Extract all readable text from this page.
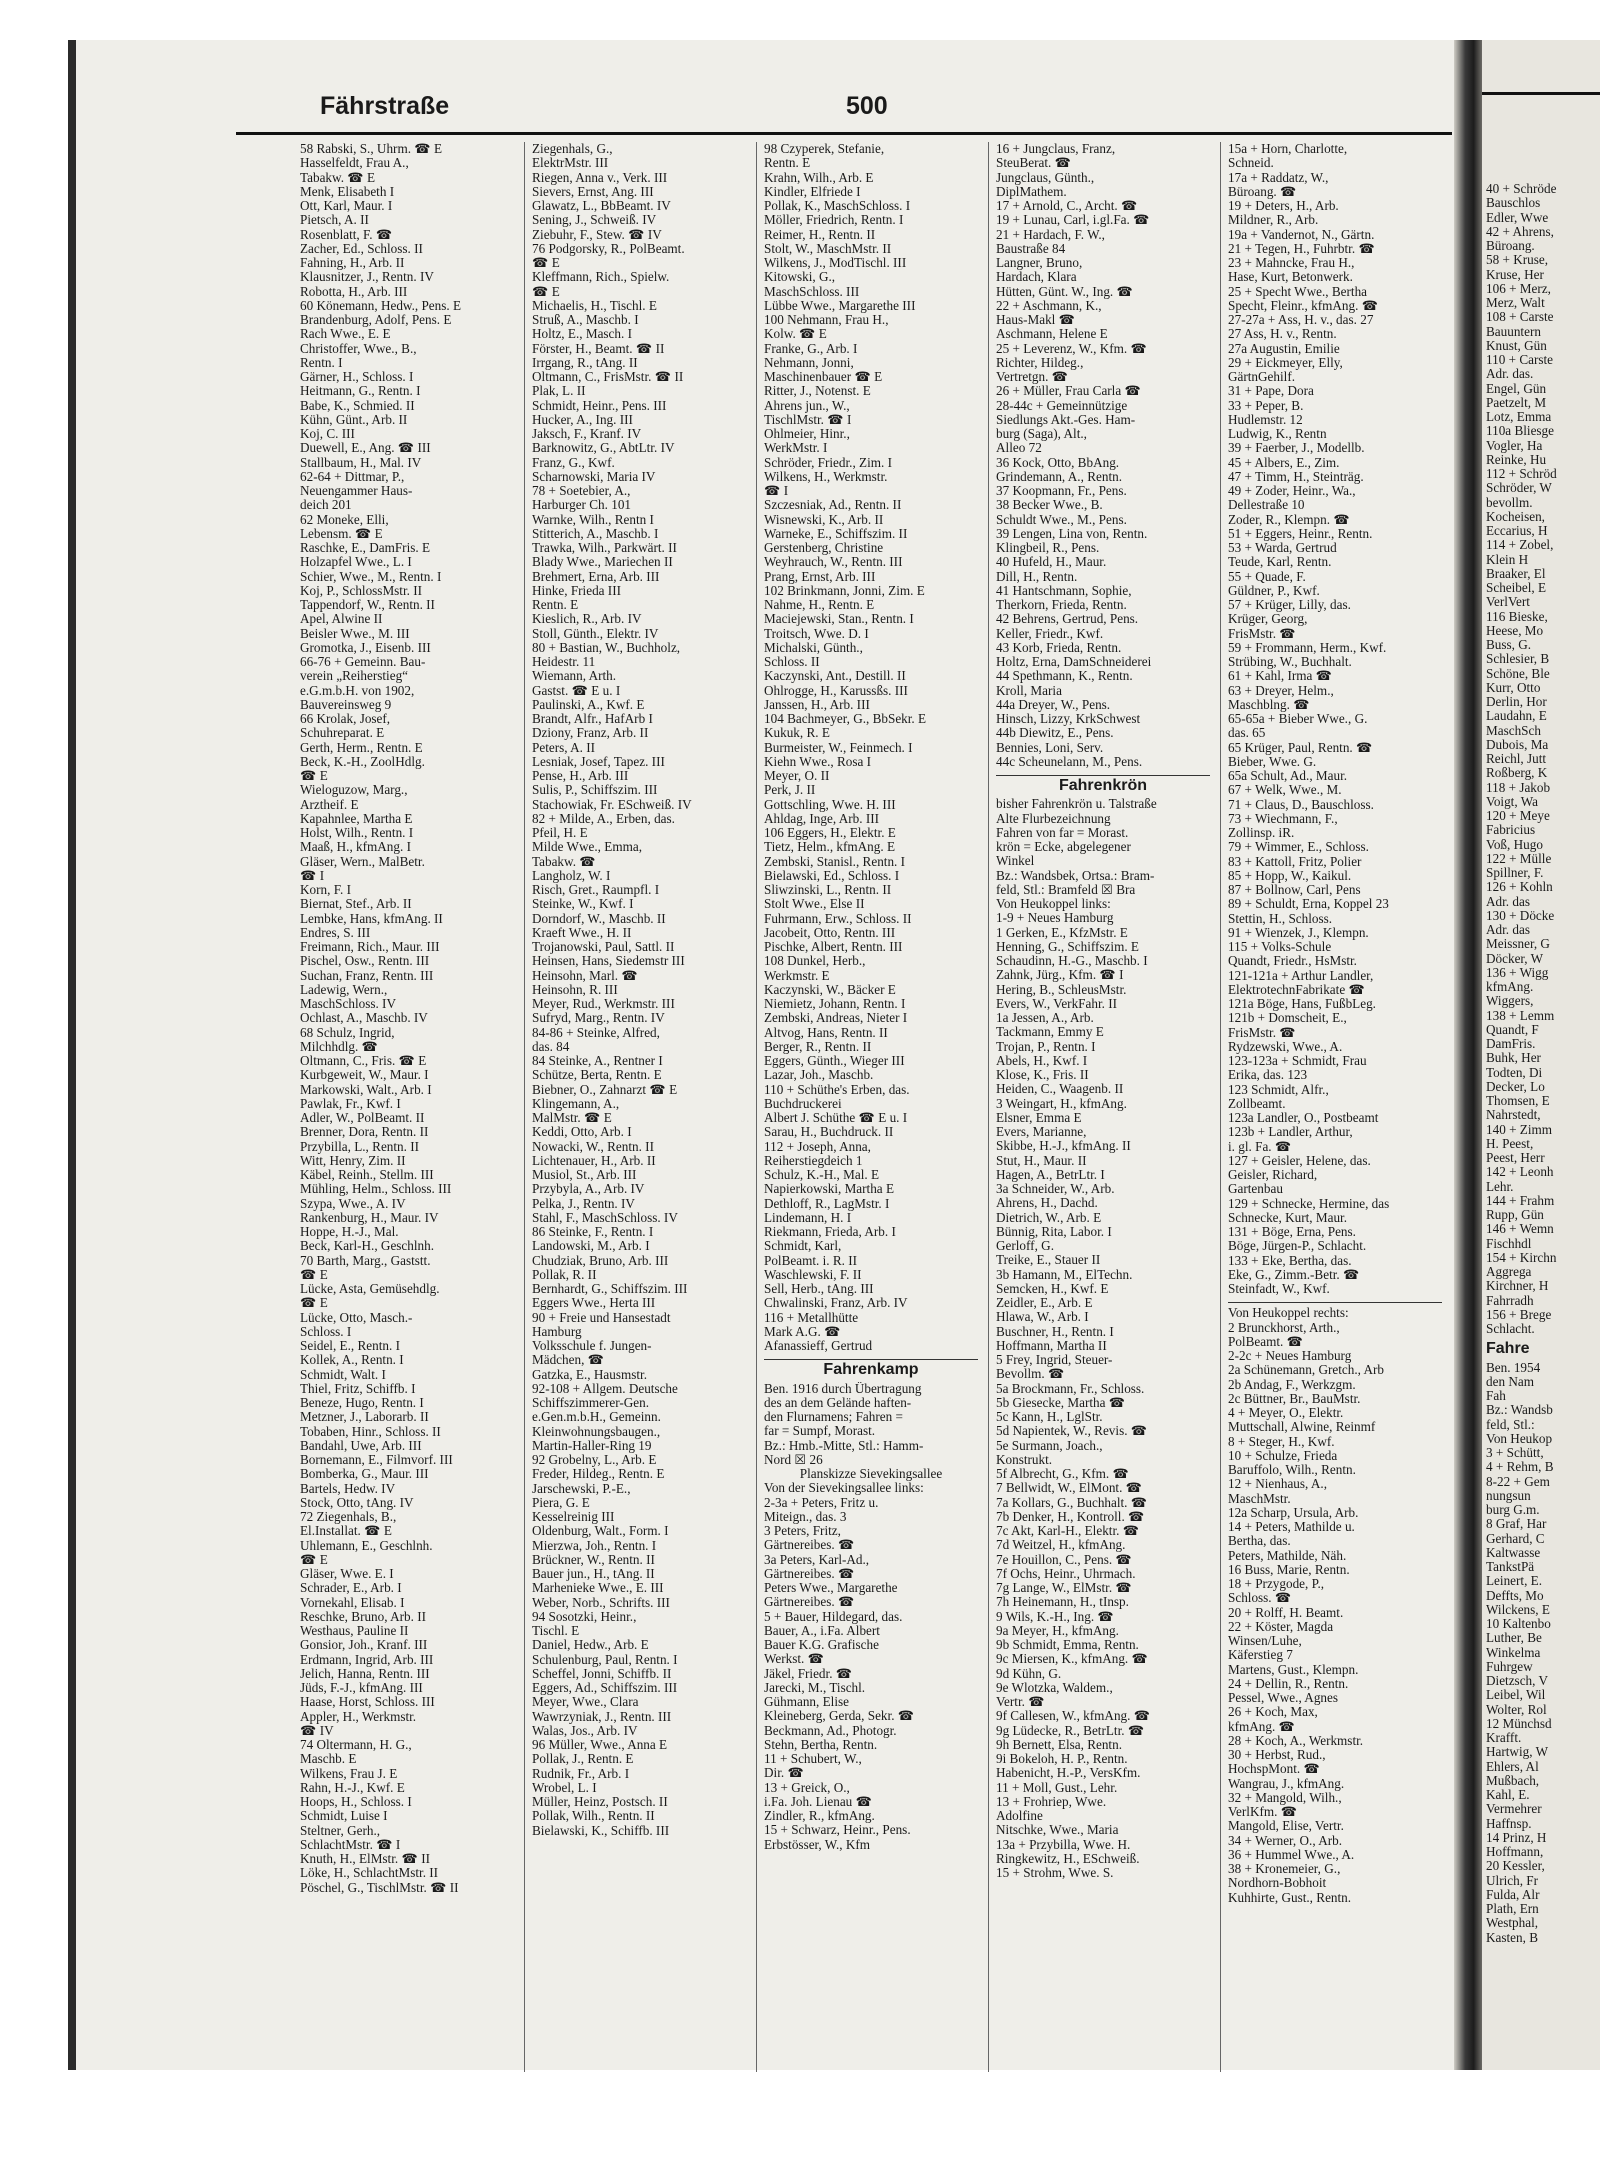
Fährstraße	500
58 Rabski, S., Uhrm. ☎ E
Hasselfeldt, Frau A.,
Tabakw. ☎ E
Menk, Elisabeth I
Ott, Karl, Maur. I
Pietsch, A. II
Rosenblatt, F. ☎
Zacher, Ed., Schloss. II
Fahning, H., Arb. II
Klausnitzer, J., Rentn. IV
Robotta, H., Arb. III
60 Könemann, Hedw., Pens. E
Brandenburg, Adolf, Pens. E
Rach Wwe., E. E
Christoffer, Wwe., B.,
Rentn. I
Gärner, H., Schloss. I
Heitmann, G., Rentn. I
Babe, K., Schmied. II
Kühn, Günt., Arb. II
Koj, C. III
Duewell, E., Ang. ☎ III
Stallbaum, H., Mal. IV
62-64 + Dittmar, P.,
Neuengammer Haus-
deich 201
62 Moneke, Elli,
Lebensm. ☎ E
Raschke, E., DamFris. E
Holzapfel Wwe., L. I
Schier, Wwe., M., Rentn. I
Koj, P., SchlossMstr. II
Tappendorf, W., Rentn. II
Apel, Alwine II
Beisler Wwe., M. III
Gromotka, J., Eisenb. III
66-76 + Gemeinn. Bau-
verein „Reiherstieg“
e.G.m.b.H. von 1902,
Bauvereinsweg 9
66 Krolak, Josef,
Schuhreparat. E
Gerth, Herm., Rentn. E
Beck, K.-H., ZoolHdlg.
☎ E
Wieloguzow, Marg.,
Arztheif. E
Kapahnlee, Martha E
Holst, Wilh., Rentn. I
Maaß, H., kfmAng. I
Gläser, Wern., MalBetr.
☎ I
Korn, F. I
Biernat, Stef., Arb. II
Lembke, Hans, kfmAng. II
Endres, S. III
Freimann, Rich., Maur. III
Pischel, Osw., Rentn. III
Suchan, Franz, Rentn. III
Ladewig, Wern.,
MaschSchloss. IV
Ochlast, A., Maschb. IV
68 Schulz, Ingrid,
Milchhdlg. ☎
Oltmann, C., Fris. ☎ E
Kurbgeweit, W., Maur. I
Markowski, Walt., Arb. I
Pawlak, Fr., Kwf. I
Adler, W., PolBeamt. II
Brenner, Dora, Rentn. II
Przybilla, L., Rentn. II
Witt, Henry, Zim. II
Käbel, Reinh., Stellm. III
Mühling, Helm., Schloss. III
Szypa, Wwe., A. IV
Rankenburg, H., Maur. IV
Hoppe, H.-J., Mal.
Beck, Karl-H., Geschlnh.
70 Barth, Marg., Gaststt.
☎ E
Lücke, Asta, Gemüsehdlg.
☎ E
Lücke, Otto, Masch.-
Schloss. I
Seidel, E., Rentn. I
Kollek, A., Rentn. I
Schmidt, Walt. I
Thiel, Fritz, Schiffb. I
Beneze, Hugo, Rentn. I
Metzner, J., Laborarb. II
Tobaben, Hinr., Schloss. II
Bandahl, Uwe, Arb. III
Bornemann, E., Filmvorf. III
Bomberka, G., Maur. III
Bartels, Hedw. IV
Stock, Otto, tAng. IV
72 Ziegenhals, B.,
El.Installat. ☎ E
Uhlemann, E., Geschlnh.
☎ E
Gläser, Wwe. E. I
Schrader, E., Arb. I
Vornekahl, Elisab. I
Reschke, Bruno, Arb. II
Westhaus, Pauline II
Gonsior, Joh., Kranf. III
Erdmann, Ingrid, Arb. III
Jelich, Hanna, Rentn. III
Jüds, F.-J., kfmAng. III
Haase, Horst, Schloss. III
Appler, H., Werkmstr.
☎ IV
74 Oltermann, H. G.,
Maschb. E
Wilkens, Frau J. E
Rahn, H.-J., Kwf. E
Hoops, H., Schloss. I
Schmidt, Luise I
Steltner, Gerh.,
SchlachtMstr. ☎ I
Knuth, H., ElMstr. ☎ II
Löke, H., SchlachtMstr. II
Pöschel, G., TischlMstr. ☎ II
Ziegenhals, G.,
ElektrMstr. III
Riegen, Anna v., Verk. III
Sievers, Ernst, Ang. III
Glawatz, L., BbBeamt. IV
Sening, J., Schweiß. IV
Ziebuhr, F., Stew. ☎ IV
76 Podgorsky, R., PolBeamt.
☎ E
Kleffmann, Rich., Spielw.
☎ E
Michaelis, H., Tischl. E
Struß, A., Maschb. I
Holtz, E., Masch. I
Förster, H., Beamt. ☎ II
Irrgang, R., tAng. II
Oltmann, C., FrisMstr. ☎ II
Plak, L. II
Schmidt, Heinr., Pens. III
Hucker, A., Ing. III
Jaksch, F., Kranf. IV
Barknowitz, G., AbtLtr. IV
Franz, G., Kwf.
Scharnowski, Maria IV
78 + Soetebier, A.,
Harburger Ch. 101
Warnke, Wilh., Rentn I
Stitterich, A., Maschb. I
Trawka, Wilh., Parkwärt. II
Blady Wwe., Mariechen II
Brehmert, Erna, Arb. III
Hinke, Frieda III
Rentn. E
Kieslich, R., Arb. IV
Stoll, Günth., Elektr. IV
80 + Bastian, W., Buchholz,
Heidestr. 11
Wiemann, Arth.
Gastst. ☎ E u. I
Paulinski, A., Kwf. E
Brandt, Alfr., HafArb I
Dziony, Franz, Arb. II
Peters, A. II
Lesniak, Josef, Tapez. III
Pense, H., Arb. III
Sulis, P., Schiffszim. III
Stachowiak, Fr. ESchweiß. IV
82 + Milde, A., Erben, das.
Pfeil, H. E
Milde Wwe., Emma,
Tabakw. ☎
Langholz, W. I
Risch, Gret., Raumpfl. I
Steinke, W., Kwf. I
Dorndorf, W., Maschb. II
Kraeft Wwe., H. II
Trojanowski, Paul, Sattl. II
Heinsen, Hans, Siedemstr III
Heinsohn, Marl. ☎
Heinsohn, R. III
Meyer, Rud., Werkmstr. III
Sufryd, Marg., Rentn. IV
84-86 + Steinke, Alfred,
das. 84
84 Steinke, A., Rentner I
Schütze, Berta, Rentn. E
Biebner, O., Zahnarzt ☎ E
Klingemann, A.,
MalMstr. ☎ E
Keddi, Otto, Arb. I
Nowacki, W., Rentn. II
Lichtenauer, H., Arb. II
Musiol, St., Arb. III
Przybyla, A., Arb. IV
Pelka, J., Rentn. IV
Stahl, F., MaschSchloss. IV
86 Steinke, F., Rentn. I
Landowski, M., Arb. I
Chudziak, Bruno, Arb. III
Pollak, R. II
Bernhardt, G., Schiffszim. III
Eggers Wwe., Herta III
90 + Freie und Hansestadt
Hamburg
Volksschule f. Jungen-
Mädchen, ☎
Gatzka, E., Hausmstr.
92-108 + Allgem. Deutsche
Schiffszimmerer-Gen.
e.Gen.m.b.H., Gemeinn.
Kleinwohnungsbaugen.,
Martin-Haller-Ring 19
92 Grobelny, L., Arb. E
Freder, Hildeg., Rentn. E
Jarschewski, P.-E.,
Piera, G. E
Kesselreinig III
Oldenburg, Walt., Form. I
Mierzwa, Joh., Rentn. I
Brückner, W., Rentn. II
Bauer jun., H., tAng. II
Marhenieke Wwe., E. III
Weber, Norb., Schrifts. III
94 Sosotzki, Heinr.,
Tischl. E
Daniel, Hedw., Arb. E
Schulenburg, Paul, Rentn. I
Scheffel, Jonni, Schiffb. II
Eggers, Ad., Schiffszim. III
Meyer, Wwe., Clara
Wawrzyniak, J., Rentn. III
Walas, Jos., Arb. IV
96 Müller, Wwe., Anna E
Pollak, J., Rentn. E
Rudnik, Fr., Arb. I
Wrobel, L. I
Müller, Heinz, Postsch. II
Pollak, Wilh., Rentn. II
Bielawski, K., Schiffb. III
98 Czyperek, Stefanie,
Rentn. E
Krahn, Wilh., Arb. E
Kindler, Elfriede I
Pollak, K., MaschSchloss. I
Möller, Friedrich, Rentn. I
Reimer, H., Rentn. II
Stolt, W., MaschMstr. II
Wilkens, J., ModTischl. III
Kitowski, G.,
MaschSchloss. III
Lübbe Wwe., Margarethe III
100 Nehmann, Frau H.,
Kolw. ☎ E
Franke, G., Arb. I
Nehmann, Jonni,
Maschinenbauer ☎ E
Ritter, J., Notenst. E
Ahrens jun., W.,
TischlMstr. ☎ I
Ohlmeier, Hinr.,
WerkMstr. I
Schröder, Friedr., Zim. I
Wilkens, H., Werkmstr.
☎ I
Szczesniak, Ad., Rentn. II
Wisnewski, K., Arb. II
Warneke, E., Schiffszim. II
Gerstenberg, Christine
Weyhrauch, W., Rentn. III
Prang, Ernst, Arb. III
102 Brinkmann, Jonni, Zim. E
Nahme, H., Rentn. E
Maciejewski, Stan., Rentn. I
Troitsch, Wwe. D. I
Michalski, Günth.,
Schloss. II
Kaczynski, Ant., Destill. II
Ohlrogge, H., Karussßs. III
Janssen, H., Arb. III
104 Bachmeyer, G., BbSekr. E
Kukuk, R. E
Burmeister, W., Feinmech. I
Kiehn Wwe., Rosa I
Meyer, O. II
Perk, J. II
Gottschling, Wwe. H. III
Ahldag, Inge, Arb. III
106 Eggers, H., Elektr. E
Tietz, Helm., kfmAng. E
Zembski, Stanisl., Rentn. I
Bielawski, Ed., Schloss. I
Sliwzinski, L., Rentn. II
Stolt Wwe., Else II
Fuhrmann, Erw., Schloss. II
Jacobeit, Otto, Rentn. III
Pischke, Albert, Rentn. III
108 Dunkel, Herb.,
Werkmstr. E
Kaczynski, W., Bäcker E
Niemietz, Johann, Rentn. I
Zembski, Andreas, Nieter I
Altvog, Hans, Rentn. II
Berger, R., Rentn. II
Eggers, Günth., Wieger III
Lazar, Joh., Maschb.
110 + Schüthe's Erben, das.
Buchdruckerei
Albert J. Schüthe ☎ E u. I
Sarau, H., Buchdruck. II
112 + Joseph, Anna,
Reiherstiegdeich 1
Schulz, K.-H., Mal. E
Napierkowski, Martha E
Dethloff, R., LagMstr. I
Lindemann, H. I
Riekmann, Frieda, Arb. I
Schmidt, Karl,
PolBeamt. i. R. II
Waschlewski, F. II
Sell, Herb., tAng. III
Chwalinski, Franz, Arb. IV
116 + Metallhütte
Mark A.G. ☎
Afanassieff, Gertrud
Fahrenkamp
Ben. 1916 durch Übertragung
des an dem Gelände haften-
den Flurnamens; Fahren =
far = Sumpf, Morast.
Bz.: Hmb.-Mitte, Stl.: Hamm-
Nord ☒ 26
Planskizze Sievekingsallee
Von der Sievekingsallee links:
2-3a + Peters, Fritz u.
Miteign., das. 3
3 Peters, Fritz,
Gärtnereibes. ☎
3a Peters, Karl-Ad.,
Gärtnereibes. ☎
Peters Wwe., Margarethe
Gärtnereibes. ☎
5 + Bauer, Hildegard, das.
Bauer, A., i.Fa. Albert
Bauer K.G. Grafische
Werkst. ☎
Jäkel, Friedr. ☎
Jarecki, M., Tischl.
Gühmann, Elise
Kleineberg, Gerda, Sekr. ☎
Beckmann, Ad., Photogr.
Stehn, Bertha, Rentn.
11 + Schubert, W.,
Dir. ☎
13 + Greick, O.,
i.Fa. Joh. Lienau ☎
Zindler, R., kfmAng.
15 + Schwarz, Heinr., Pens.
Erbstösser, W., Kfm
16 + Jungclaus, Franz,
SteuBerat. ☎
Jungclaus, Günth.,
DiplMathem.
17 + Arnold, C., Archt. ☎
19 + Lunau, Carl, i.gl.Fa. ☎
21 + Hardach, F. W.,
Baustraße 84
Langner, Bruno,
Hardach, Klara
Hütten, Günt. W., Ing. ☎
22 + Aschmann, K.,
Haus-Makl ☎
Aschmann, Helene E
25 + Leverenz, W., Kfm. ☎
Richter, Hildeg.,
Vertretgn. ☎
26 + Müller, Frau Carla ☎
28-44c + Gemeinnützige
Siedlungs Akt.-Ges. Ham-
burg (Saga), Alt.,
Alleo 72
36 Kock, Otto, BbAng.
Grindemann, A., Rentn.
37 Koopmann, Fr., Pens.
38 Becker Wwe., B.
Schuldt Wwe., M., Pens.
39 Lengen, Lina von, Rentn.
Klingbeil, R., Pens.
40 Hufeld, H., Maur.
Dill, H., Rentn.
41 Hantschmann, Sophie,
Therkorn, Frieda, Rentn.
42 Behrens, Gertrud, Pens.
Keller, Friedr., Kwf.
43 Korb, Frieda, Rentn.
Holtz, Erna, DamSchneiderei
44 Spethmann, K., Rentn.
Kroll, Maria
44a Dreyer, W., Pens.
Hinsch, Lizzy, KrkSchwest
44b Diewitz, E., Pens.
Bennies, Loni, Serv.
44c Scheunelann, M., Pens.
Fahrenkrön
bisher Fahrenkrön u. Talstraße
Alte Flurbezeichnung
Fahren von far = Morast.
krön = Ecke, abgelegener
Winkel
Bz.: Wandsbek, Ortsa.: Bram-
feld, Stl.: Bramfeld ☒ Bra
Von Heukoppel links:
1-9 + Neues Hamburg
1 Gerken, E., KfzMstr. E
Henning, G., Schiffszim. E
Schaudinn, H.-G., Maschb. I
Zahnk, Jürg., Kfm. ☎ I
Hering, B., SchleusMstr.
Evers, W., VerkFahr. II
1a Jessen, A., Arb.
Tackmann, Emmy E
Trojan, P., Rentn. I
Abels, H., Kwf. I
Klose, K., Fris. II
Heiden, C., Waagenb. II
3 Weingart, H., kfmAng.
Elsner, Emma E
Evers, Marianne,
Skibbe, H.-J., kfmAng. II
Stut, H., Maur. II
Hagen, A., BetrLtr. I
3a Schneider, W., Arb.
Ahrens, H., Dachd.
Dietrich, W., Arb. E
Bünnig, Rita, Labor. I
Gerloff, G.
Treike, E., Stauer II
3b Hamann, M., ElTechn.
Semcken, H., Kwf. E
Zeidler, E., Arb. E
Hlawa, W., Arb. I
Buschner, H., Rentn. I
Hoffmann, Martha II
5 Frey, Ingrid, Steuer-
Bevollm. ☎
5a Brockmann, Fr., Schloss.
5b Giesecke, Martha ☎
5c Kann, H., LglStr.
5d Napientek, W., Revis. ☎
5e Surmann, Joach.,
Konstrukt.
5f Albrecht, G., Kfm. ☎
7 Bellwidt, W., ElMont. ☎
7a Kollars, G., Buchhalt. ☎
7b Denker, H., Kontroll. ☎
7c Akt, Karl-H., Elektr. ☎
7d Weitzel, H., kfmAng.
7e Houillon, C., Pens. ☎
7f Ochs, Heinr., Uhrmach.
7g Lange, W., ElMstr. ☎
7h Heinemann, H., tInsp.
9 Wils, K.-H., Ing. ☎
9a Meyer, H., kfmAng.
9b Schmidt, Emma, Rentn.
9c Miersen, K., kfmAng. ☎
9d Kühn, G.
9e Wlotzka, Waldem.,
Vertr. ☎
9f Callesen, W., kfmAng. ☎
9g Lüdecke, R., BetrLtr. ☎
9h Bernett, Elsa, Rentn.
9i Bokeloh, H. P., Rentn.
Habenicht, H.-P., VersKfm.
11 + Moll, Gust., Lehr.
13 + Frohriep, Wwe.
Adolfine
Nitschke, Wwe., Maria
13a + Przybilla, Wwe. H.
Ringkewitz, H., ESchweiß.
15 + Strohm, Wwe. S.
15a + Horn, Charlotte,
Schneid.
17a + Raddatz, W.,
Büroang. ☎
19 + Deters, H., Arb.
Mildner, R., Arb.
19a + Vandernot, N., Gärtn.
21 + Tegen, H., Fuhrbtr. ☎
23 + Mahncke, Frau H.,
Hase, Kurt, Betonwerk.
25 + Specht Wwe., Bertha
Specht, Fleinr., kfmAng. ☎
27-27a + Ass, H. v., das. 27
27 Ass, H. v., Rentn.
27a Augustin, Emilie
29 + Eickmeyer, Elly,
GärtnGehilf.
31 + Pape, Dora
33 + Peper, B.
Hudlemstr. 12
Ludwig, K., Rentn
39 + Faerber, J., Modellb.
45 + Albers, E., Zim.
47 + Timm, H., Steinträg.
49 + Zoder, Heinr., Wa.,
Dellestraße 10
Zoder, R., Klempn. ☎
51 + Eggers, Heinr., Rentn.
53 + Warda, Gertrud
Teude, Karl, Rentn.
55 + Quade, F.
Güldner, P., Kwf.
57 + Krüger, Lilly, das.
Krüger, Georg,
FrisMstr. ☎
59 + Frommann, Herm., Kwf.
Strübing, W., Buchhalt.
61 + Kahl, Irma ☎
63 + Dreyer, Helm.,
Maschblng. ☎
65-65a + Bieber Wwe., G.
das. 65
65 Krüger, Paul, Rentn. ☎
Bieber, Wwe. G.
65a Schult, Ad., Maur.
67 + Welk, Wwe., M.
71 + Claus, D., Bauschloss.
73 + Wiechmann, F.,
Zollinsp. iR.
79 + Wimmer, E., Schloss.
83 + Kattoll, Fritz, Polier
85 + Hopp, W., Kaikul.
87 + Bollnow, Carl, Pens
89 + Schuldt, Erna, Koppel 23
Stettin, H., Schloss.
91 + Wienzek, J., Klempn.
115 + Volks-Schule
Quandt, Friedr., HsMstr.
121-121a + Arthur Landler,
ElektrotechnFabrikate ☎
121a Böge, Hans, FußbLeg.
121b + Domscheit, E.,
FrisMstr. ☎
Rydzewski, Wwe., A.
123-123a + Schmidt, Frau
Erika, das. 123
123 Schmidt, Alfr.,
Zollbeamt.
123a Landler, O., Postbeamt
123b + Landler, Arthur,
i. gl. Fa. ☎
127 + Geisler, Helene, das.
Geisler, Richard,
Gartenbau
129 + Schnecke, Hermine, das
Schnecke, Kurt, Maur.
131 + Böge, Erna, Pens.
Böge, Jürgen-P., Schlacht.
133 + Eke, Bertha, das.
Eke, G., Zimm.-Betr. ☎
Steinfadt, W., Kwf.
Von Heukoppel rechts:
2 Brunckhorst, Arth.,
PolBeamt. ☎
2-2c + Neues Hamburg
2a Schünemann, Gretch., Arb
2b Andag, F., Werkzgm.
2c Büttner, Br., BauMstr.
4 + Meyer, O., Elektr.
Muttschall, Alwine, Reinmf
8 + Steger, H., Kwf.
10 + Schulze, Frieda
Baruffolo, Wilh., Rentn.
12 + Nienhaus, A.,
MaschMstr.
12a Scharp, Ursula, Arb.
14 + Peters, Mathilde u.
Bertha, das.
Peters, Mathilde, Näh.
16 Buss, Marie, Rentn.
18 + Przygode, P.,
Schloss. ☎
20 + Rolff, H. Beamt.
22 + Köster, Magda
Winsen/Luhe,
Käferstieg 7
Martens, Gust., Klempn.
24 + Dellin, R., Rentn.
Pessel, Wwe., Agnes
26 + Koch, Max,
kfmAng. ☎
28 + Koch, A., Werkmstr.
30 + Herbst, Rud.,
HochspMont. ☎
Wangrau, J., kfmAng.
32 + Mangold, Wilh.,
VerlKfm. ☎
Mangold, Elise, Vertr.
34 + Werner, O., Arb.
36 + Hummel Wwe., A.
38 + Kronemeier, G.,
Nordhorn-Bobhoit
Kuhhirte, Gust., Rentn.
40 + Schröde
Bauschlos
Edler, Wwe
42 + Ahrens,
Büroang.
58 + Kruse,
Kruse, Her
106 + Merz,
Merz, Walt
108 + Carste
Bauuntern
Knust, Gün
110 + Carste
Adr. das.
Engel, Gün
Paetzelt, M
Lotz, Emma
110a Bliesge
Vogler, Ha
Reinke, Hu
112 + Schröd
Schröder, W
bevollm.
Kocheisen,
Eccarius, H
114 + Zobel,
Klein H
Braaker, El
Scheibel, E
VerlVert
116 Bieske,
Heese, Mo
Buss, G.
Schlesier, B
Schöne, Ble
Kurr, Otto
Derlin, Hor
Laudahn, E
MaschSch
Dubois, Ma
Reichl, Jutt
Roßberg, K
118 + Jakob
Voigt, Wa
120 + Meye
Fabricius
Voß, Hugo
122 + Mülle
Spillner, F.
126 + Kohln
Adr. das
130 + Döcke
Adr. das
Meissner, G
Döcker, W
136 + Wigg
kfmAng.
Wiggers,
138 + Lemm
Quandt, F
DamFris.
Buhk, Her
Todten, Di
Decker, Lo
Thomsen, E
Nahrstedt,
140 + Zimm
H. Peest,
Peest, Herr
142 + Leonh
Lehr.
144 + Frahm
Rupp, Gün
146 + Wemn
Fischhdl
154 + Kirchn
Aggrega
Kirchner, H
Fahrradh
156 + Brege
Schlacht.
Fahre
Ben. 1954
den Nam
Fah
Bz.: Wandsb
feld, Stl.:
Von Heukop
3 + Schütt,
4 + Rehm, B
8-22 + Gem
nungsun
burg G.m.
8 Graf, Har
Gerhard, C
Kaltwasse
TankstPä
Leinert, E.
Deffts, Mo
Wilckens, E
10 Kaltenbo
Luther, Be
Winkelma
Fuhrgew
Dietzsch, V
Leibel, Wil
Wolter, Rol
12 Münchsd
Krafft.
Hartwig, W
Ehlers, Al
Mußbach,
Kahl, E.
Vermehrer
Haffnsp.
14 Prinz, H
Hoffmann,
20 Kessler,
Ulrich, Fr
Fulda, Alr
Plath, Ern
Westphal,
Kasten, B
